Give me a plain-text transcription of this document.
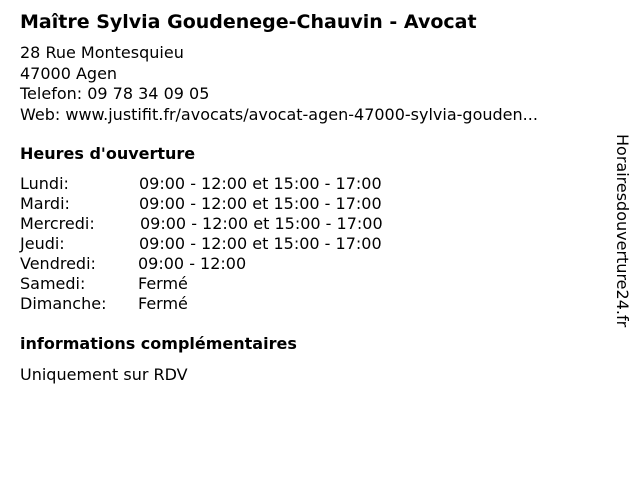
Maître Sylvia Goudenege-Chauvin - Avocat
28 Rue Montesquieu
47000 Agen
Telefon: 09 78 34 09 05
Web: www.justifit.fr/avocats/avocat-agen-47000-sylvia-gouden...
Heures d'ouverture
Lundi:	09:00 - 12:00 et 15:00 - 17:00
Mardi:	09:00 - 12:00 et 15:00 - 17:00
Mercredi:	09:00 - 12:00 et 15:00 - 17:00
Jeudi:	09:00 - 12:00 et 15:00 - 17:00
Vendredi:	09:00 - 12:00
Samedi:	Fermé
Dimanche: Fermé
informations complémentaires
Uniquement sur RDV
Horairesdouverture24.fr
